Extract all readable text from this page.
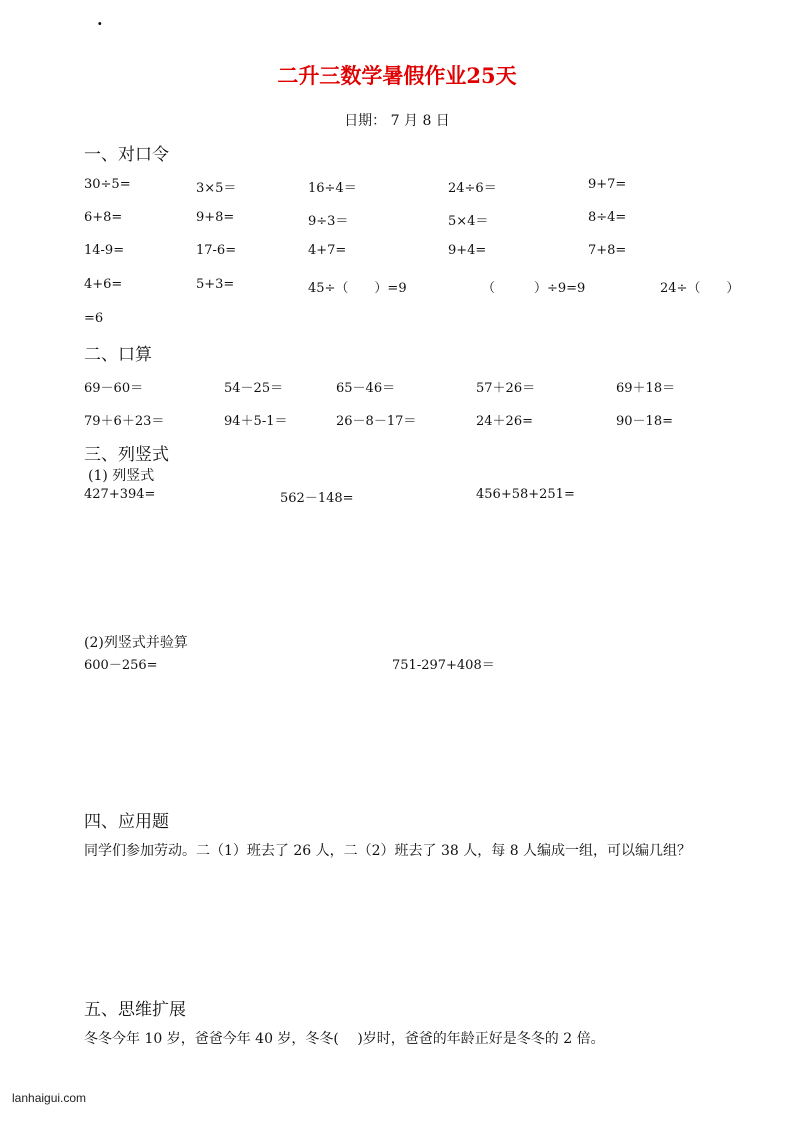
·
二升三数学暑假作业25天
日期： 7 月 8 日
一、对口令
30÷5=	3×5＝	16÷4＝	24÷6＝	9+7=
6+8=	9+8=	9÷3＝	5×4＝	8÷4=
14-9=	17-6=	4+7=	9+4=	7+8=
4+6=	5+3=	45÷（　　）=9	（　　　）÷9=9	24÷（　　）
=6
二、口算
69－60＝	54－25＝	65－46＝	57＋26＝	69＋18＝
79＋6＋23＝	94＋5-1＝	26－8－17＝	24＋26=	90－18=
三、列竖式
(1) 列竖式
427+394=	562－148=	456+58+251=
(2)列竖式并验算
600－256=	751-297+408＝
四、应用题
同学们参加劳动。二（1）班去了 26 人，二（2）班去了 38 人，每 8 人编成一组，可以编几组？
五、思维扩展
冬冬今年 10 岁，爸爸今年 40 岁，冬冬(　 )岁时，爸爸的年龄正好是冬冬的 2 倍。
lanhaigui.com
